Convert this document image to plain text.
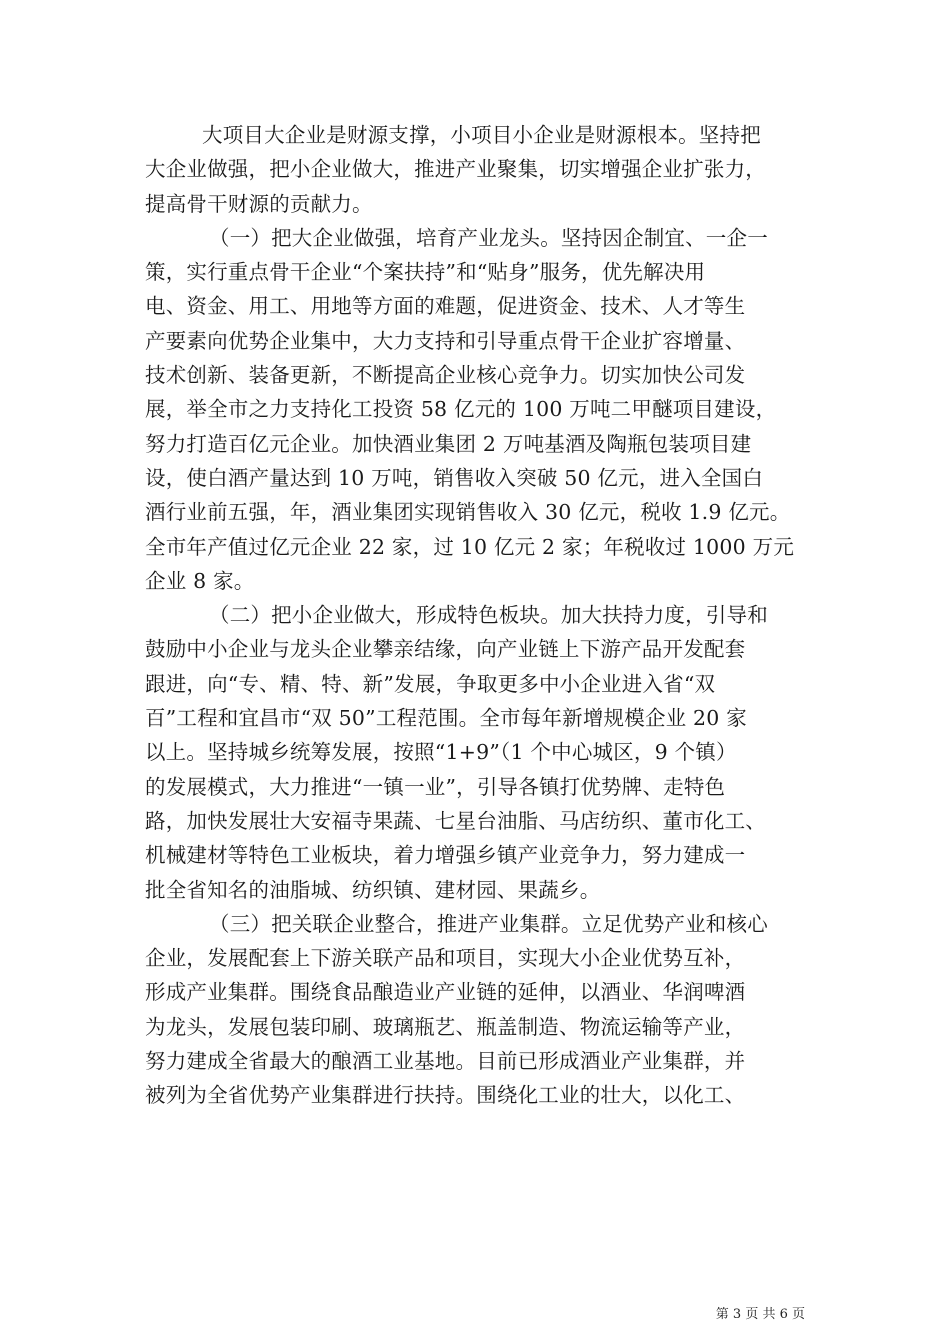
大项目大企业是财源支撑，小项目小企业是财源根本。坚持把
大企业做强，把小企业做大，推进产业聚集，切实增强企业扩张力，
提高骨干财源的贡献力。
（一）把大企业做强，培育产业龙头。坚持因企制宜、一企一
策，实行重点骨干企业“个案扶持”和“贴身”服务，优先解决用
电、资金、用工、用地等方面的难题，促进资金、技术、人才等生
产要素向优势企业集中，大力支持和引导重点骨干企业扩容增量、
技术创新、装备更新，不断提高企业核心竞争力。切实加快公司发
展，举全市之力支持化工投资 58 亿元的 100 万吨二甲醚项目建设，
努力打造百亿元企业。加快酒业集团 2 万吨基酒及陶瓶包装项目建
设，使白酒产量达到 10 万吨，销售收入突破 50 亿元，进入全国白
酒行业前五强，年，酒业集团实现销售收入 30 亿元，税收 1.9 亿元。
全市年产值过亿元企业 22 家，过 10 亿元 2 家；年税收过 1000 万元
企业 8 家。
（二）把小企业做大，形成特色板块。加大扶持力度，引导和
鼓励中小企业与龙头企业攀亲结缘，向产业链上下游产品开发配套
跟进，向“专、精、特、新”发展，争取更多中小企业进入省“双
百”工程和宜昌市“双 50”工程范围。全市每年新增规模企业 20 家
以上。坚持城乡统筹发展，按照“1+9”（1 个中心城区，9 个镇）
的发展模式，大力推进“一镇一业”，引导各镇打优势牌、走特色
路，加快发展壮大安福寺果蔬、七星台油脂、马店纺织、董市化工、
机械建材等特色工业板块，着力增强乡镇产业竞争力，努力建成一
批全省知名的油脂城、纺织镇、建材园、果蔬乡。
（三）把关联企业整合，推进产业集群。立足优势产业和核心
企业，发展配套上下游关联产品和项目，实现大小企业优势互补，
形成产业集群。围绕食品酿造业产业链的延伸，以酒业、华润啤酒
为龙头，发展包装印刷、玻璃瓶艺、瓶盖制造、物流运输等产业，
努力建成全省最大的酿酒工业基地。目前已形成酒业产业集群，并
被列为全省优势产业集群进行扶持。围绕化工业的壮大，以化工、
第 3 页 共 6 页
